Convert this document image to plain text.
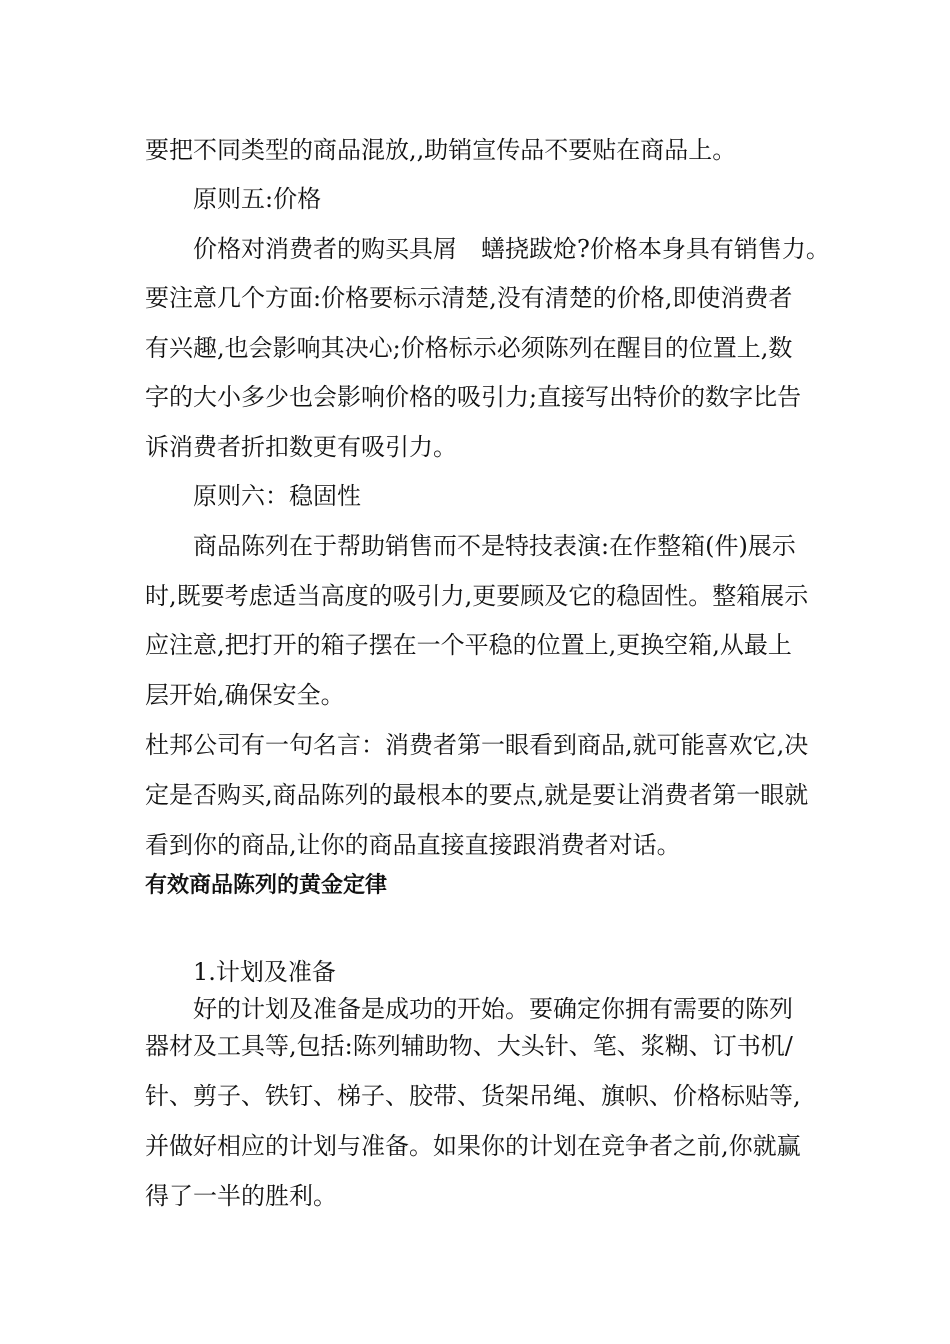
要把不同类型的商品混放,,助销宣传品不要贴在商品上。

原则五:价格

价格对消费者的购买具屑　蟮挠跋炝?价格本身具有销售力。

要注意几个方面:价格要标示清楚,没有清楚的价格,即使消费者

有兴趣,也会影响其决心;价格标示必须陈列在醒目的位置上,数

字的大小多少也会影响价格的吸引力;直接写出特价的数字比告

诉消费者折扣数更有吸引力。

原则六：稳固性

商品陈列在于帮助销售而不是特技表演:在作整箱(件)展示

时,既要考虑适当高度的吸引力,更要顾及它的稳固性。整箱展示

应注意,把打开的箱子摆在一个平稳的位置上,更换空箱,从最上

层开始,确保安全。

杜邦公司有一句名言：消费者第一眼看到商品,就可能喜欢它,决

定是否购买,商品陈列的最根本的要点,就是要让消费者第一眼就

看到你的商品,让你的商品直接直接跟消费者对话。

有效商品陈列的黄金定律

1.计划及准备

好的计划及准备是成功的开始。要确定你拥有需要的陈列

器材及工具等,包括:陈列辅助物、大头针、笔、浆糊、订书机/

针、剪子、铁钉、梯子、胶带、货架吊绳、旗帜、价格标贴等,

并做好相应的计划与准备。如果你的计划在竞争者之前,你就赢

得了一半的胜利。
